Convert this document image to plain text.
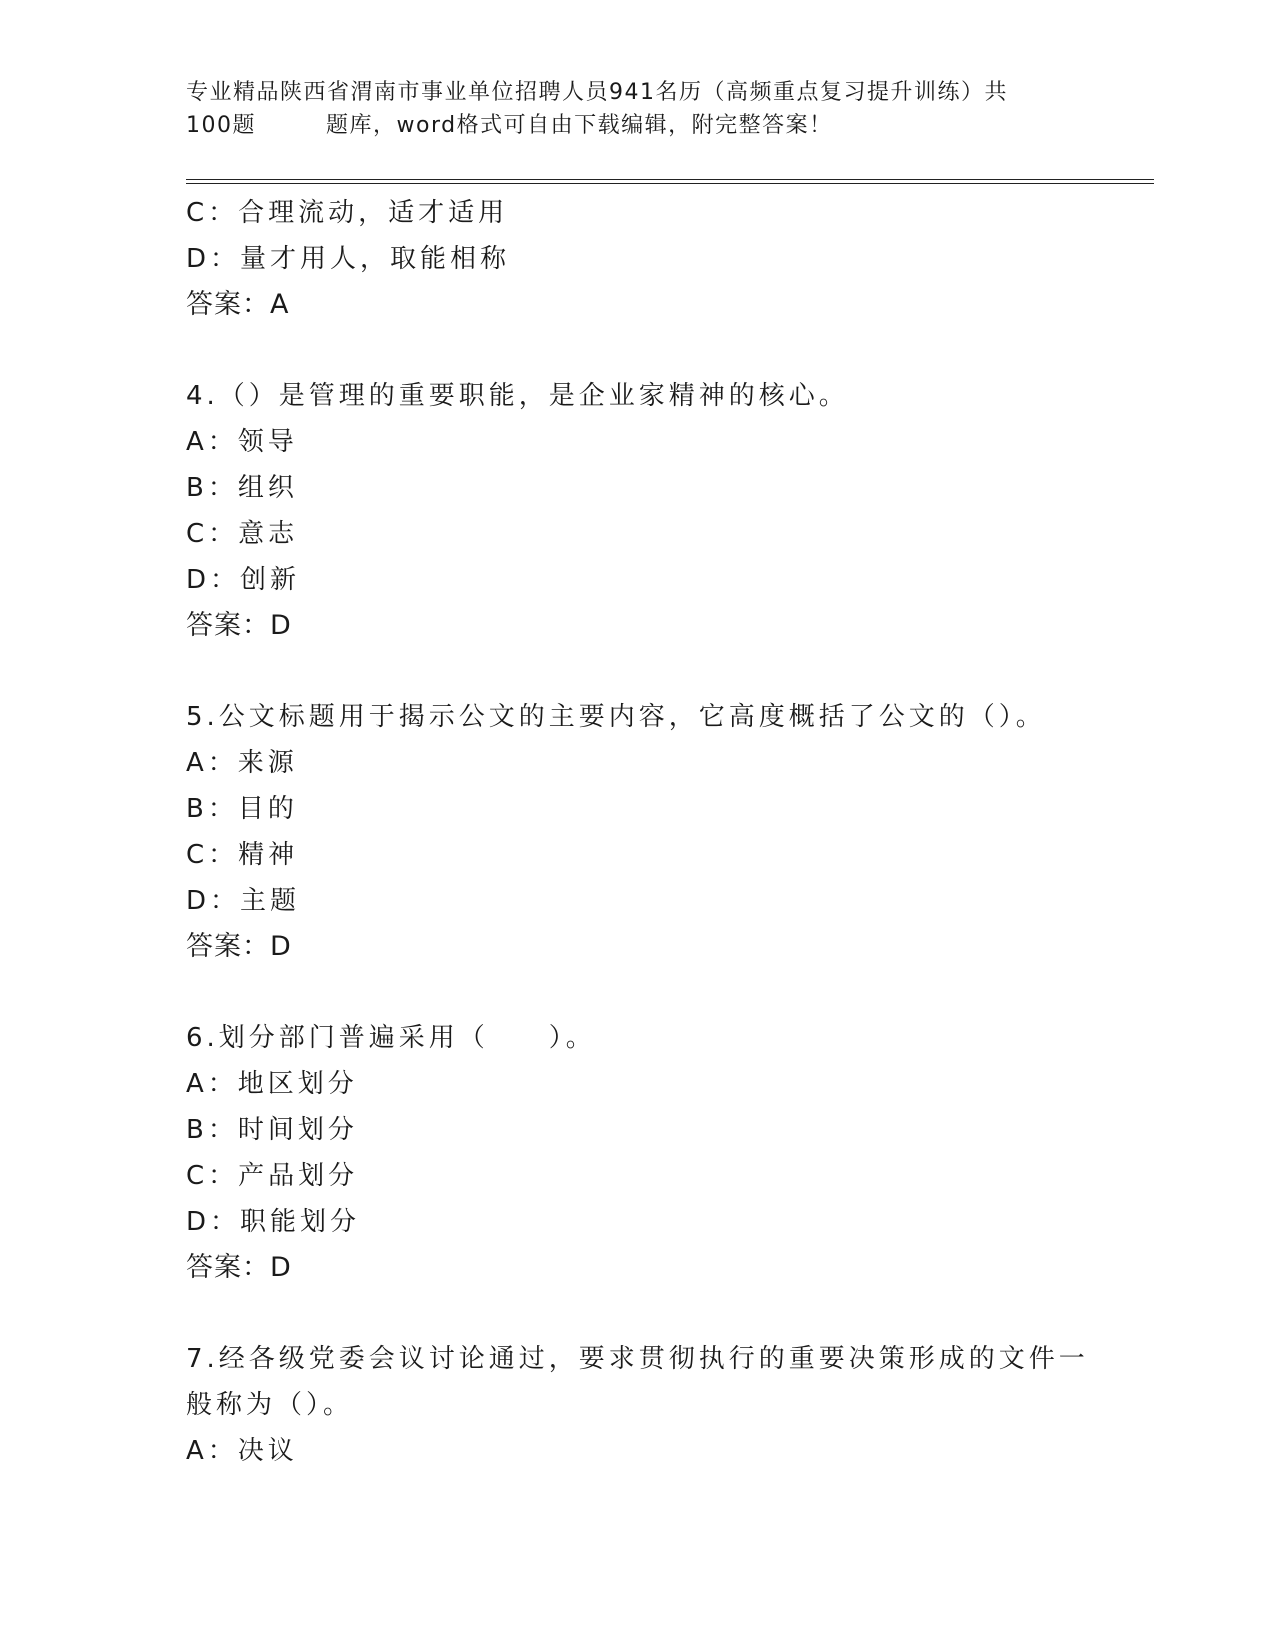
专业精品陕西省渭南市事业单位招聘人员941名历（高频重点复习提升训练）共
100题	题库，word格式可自由下载编辑，附完整答案！
C：合理流动，适才适用
D：量才用人，取能相称
答案：A
4.（）是管理的重要职能，是企业家精神的核心。
A：领导
B：组织
C：意志
D：创新
答案：D
5.公文标题用于揭示公文的主要内容，它高度概括了公文的（）。
A：来源
B：目的
C：精神
D：主题
答案：D
6.划分部门普遍采用（　　）。
A：地区划分
B：时间划分
C：产品划分
D：职能划分
答案：D
7.经各级党委会议讨论通过，要求贯彻执行的重要决策形成的文件一
般称为（）。
A：决议
